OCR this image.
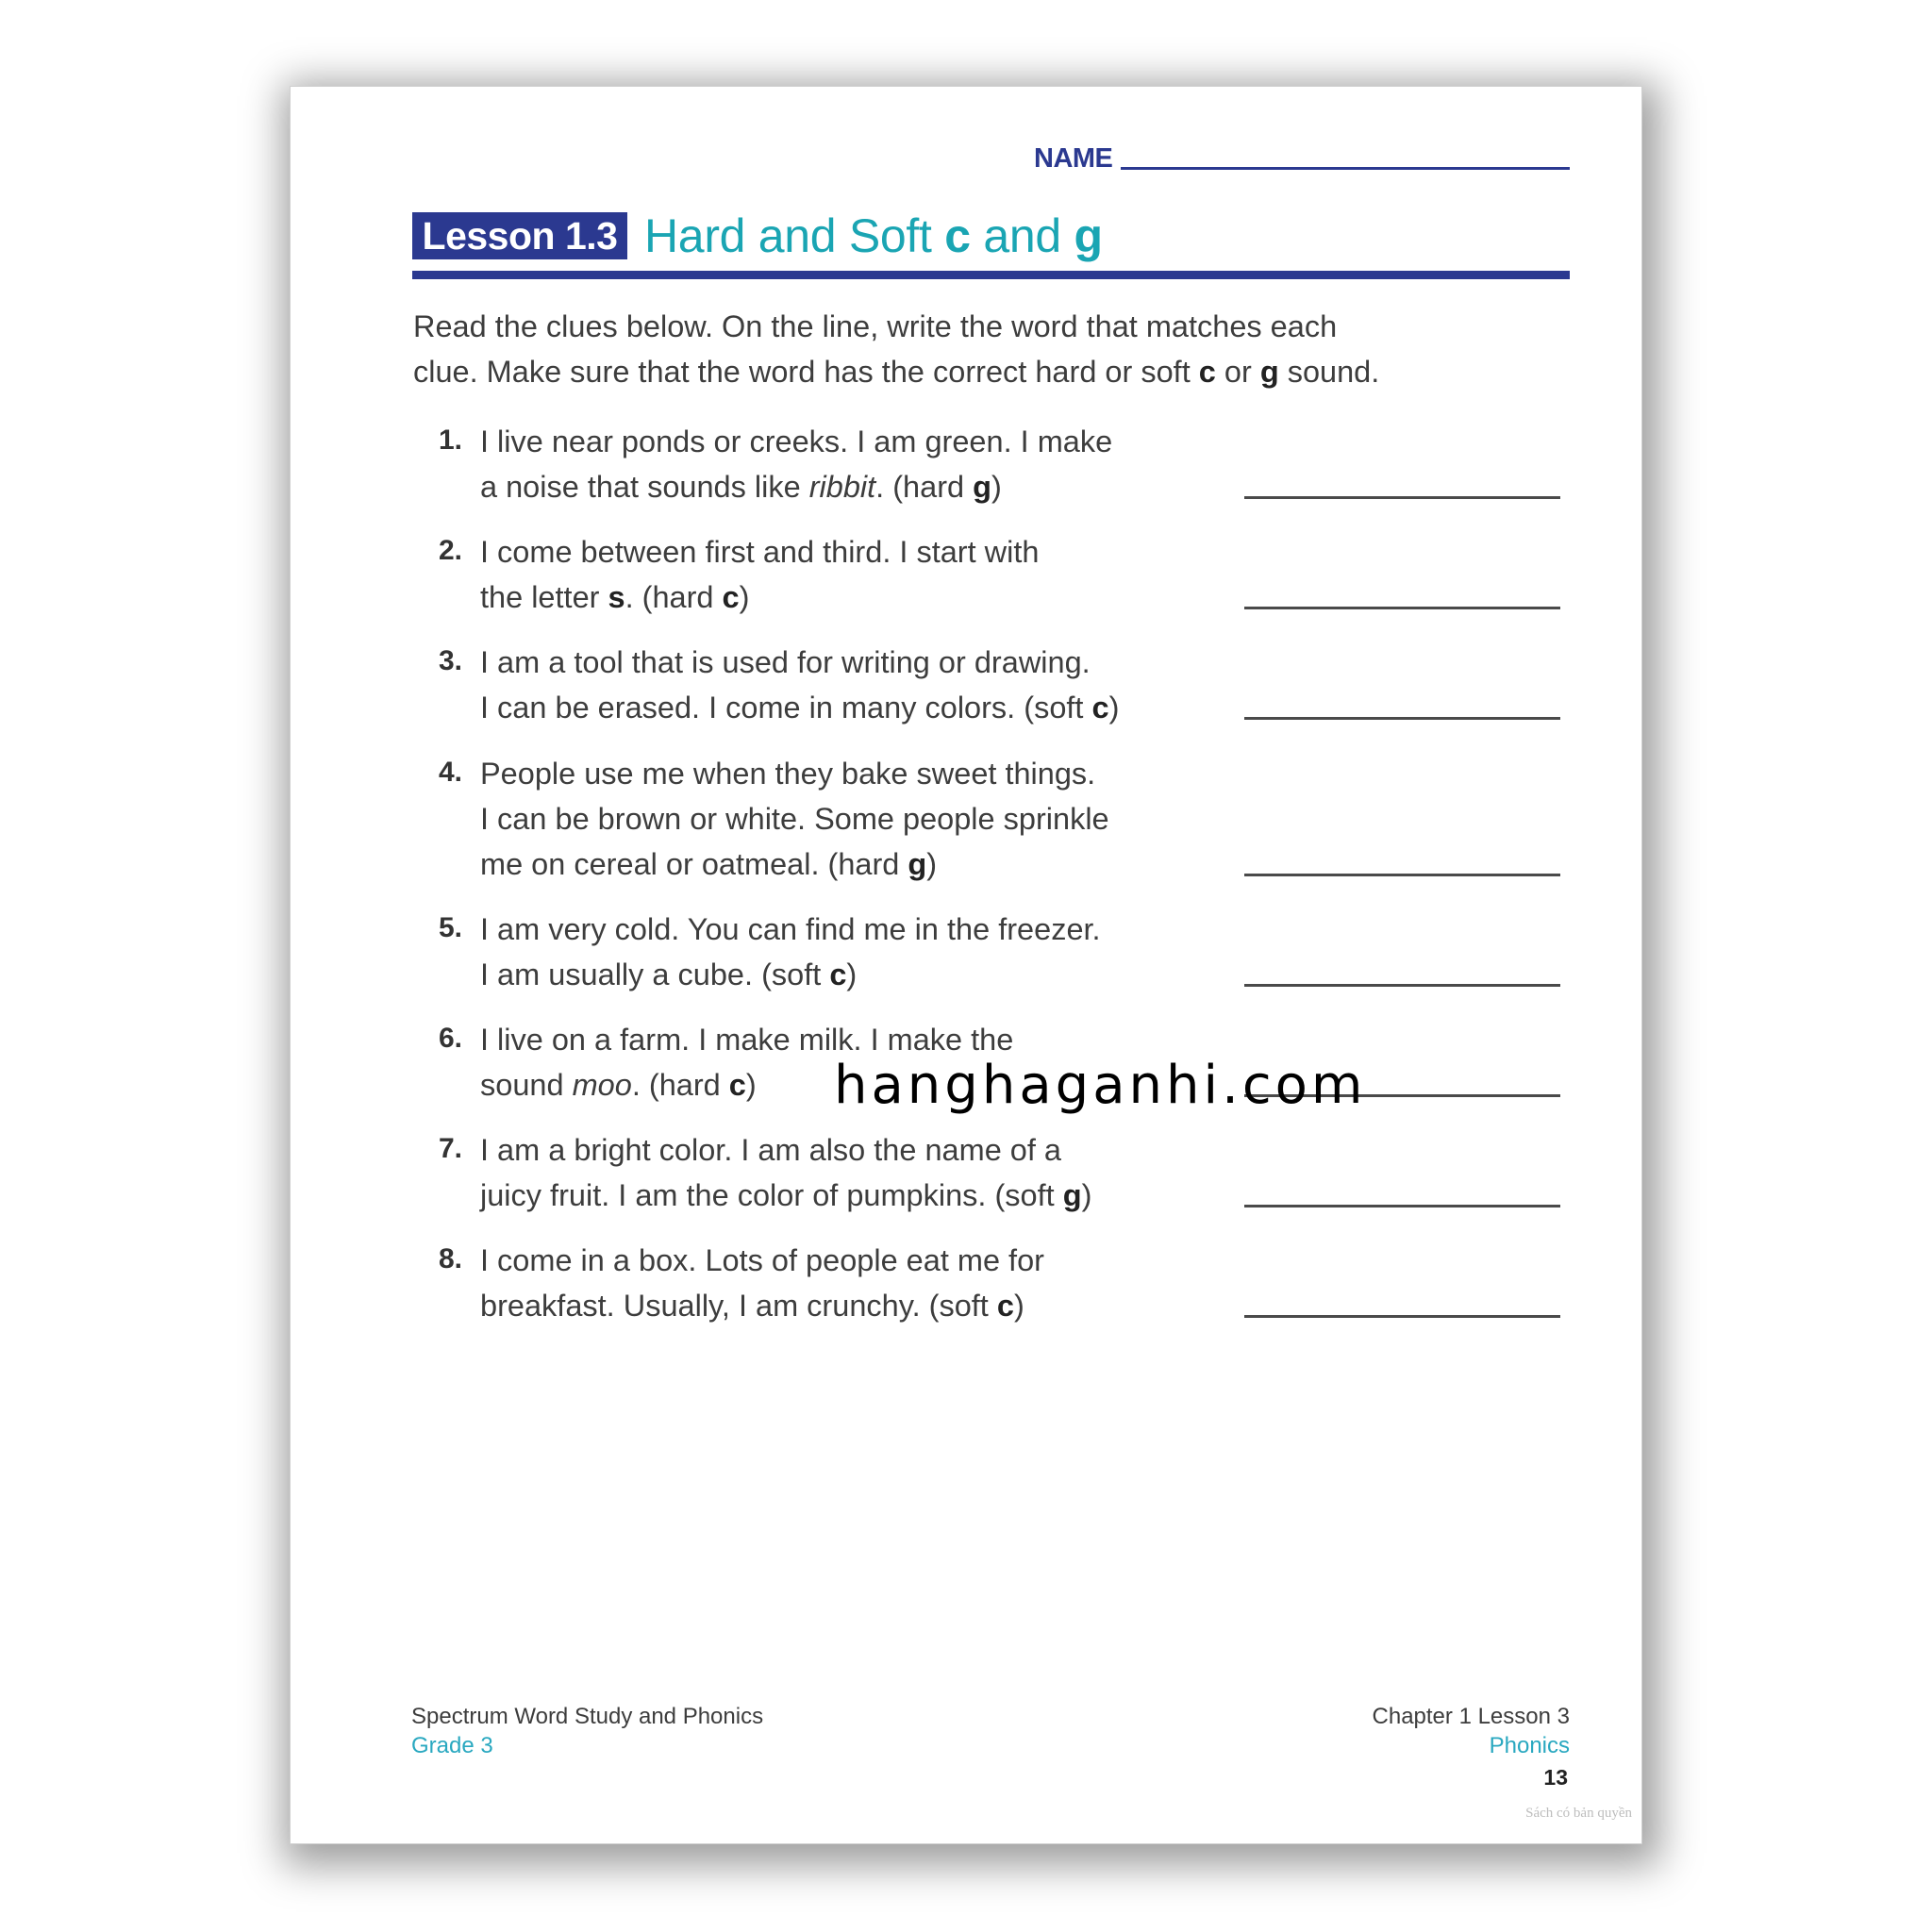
NAME
Lesson 1.3 Hard and Soft c and g
Read the clues below. On the line, write the word that matches each
clue. Make sure that the word has the correct hard or soft c or g sound.
1. I live near ponds or creeks. I am green. I make
a noise that sounds like ribbit. (hard g)
2. I come between first and third. I start with
the letter s. (hard c)
3. I am a tool that is used for writing or drawing.
I can be erased. I come in many colors. (soft c)
4. People use me when they bake sweet things.
I can be brown or white. Some people sprinkle
me on cereal or oatmeal. (hard g)
5. I am very cold. You can find me in the freezer.
I am usually a cube. (soft c)
6. I live on a farm. I make milk. I make the
sound moo. (hard c)
7. I am a bright color. I am also the name of a
juicy fruit. I am the color of pumpkins. (soft g)
8. I come in a box. Lots of people eat me for
breakfast. Usually, I am crunchy. (soft c)
hanghaganhi.com
Spectrum Word Study and Phonics
Grade 3
Chapter 1 Lesson 3
Phonics
13
Sách có bản quyền
